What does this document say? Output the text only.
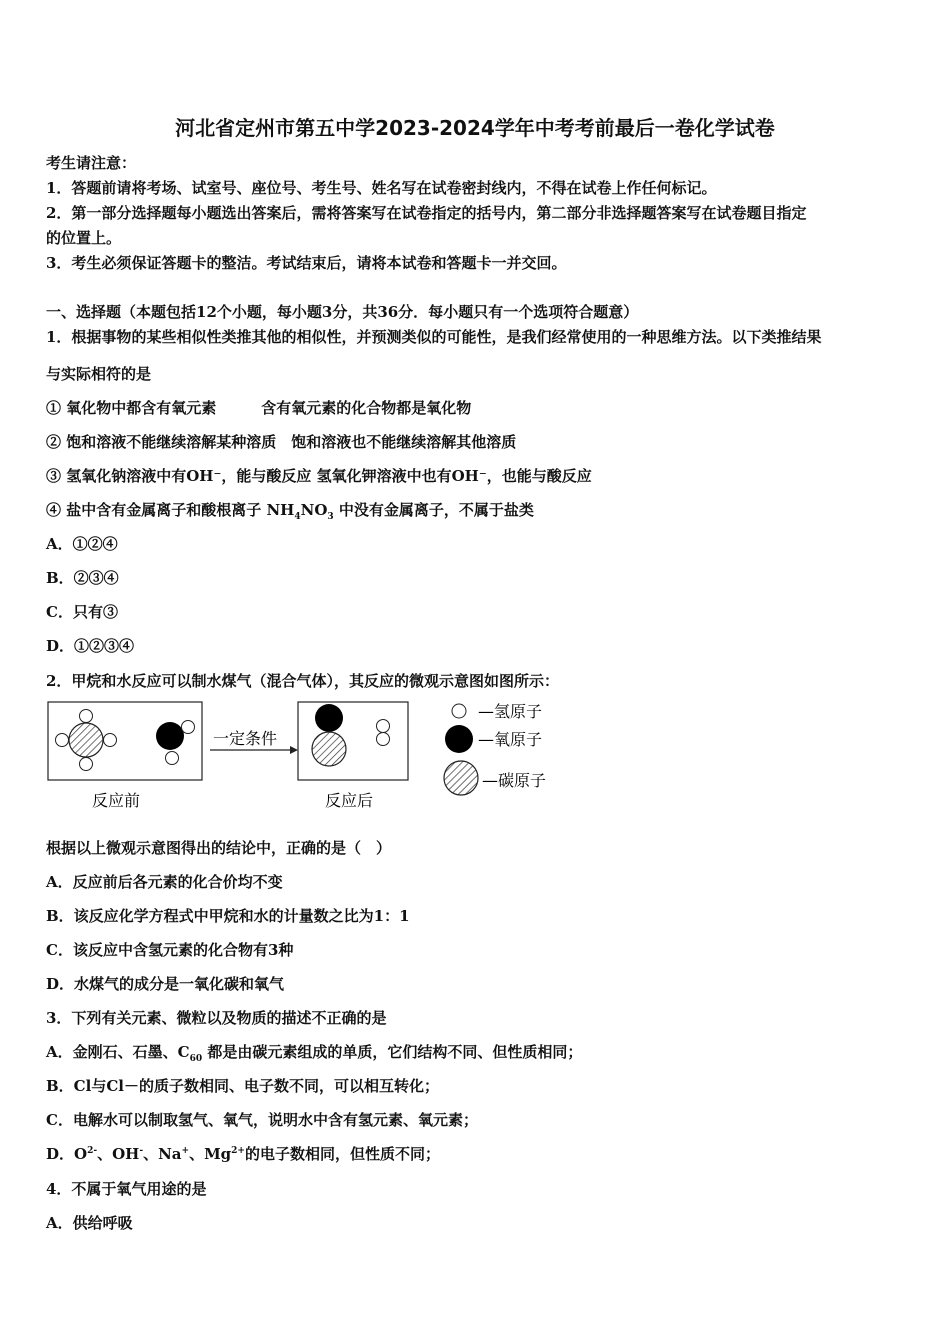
河北省定州市第五中学2023-2024学年中考考前最后一卷化学试卷
考生请注意：
1．答题前请将考场、试室号、座位号、考生号、姓名写在试卷密封线内，不得在试卷上作任何标记。
2．第一部分选择题每小题选出答案后，需将答案写在试卷指定的括号内，第二部分非选择题答案写在试卷题目指定
的位置上。
3．考生必须保证答题卡的整洁。考试结束后，请将本试卷和答题卡一并交回。
一、选择题（本题包括12个小题，每小题3分，共36分．每小题只有一个选项符合题意）
1．根据事物的某些相似性类推其他的相似性，并预测类似的可能性，是我们经常使用的一种思维方法。以下类推结果
与实际相符的是
① 氧化物中都含有氧元素　　　含有氧元素的化合物都是氧化物
② 饱和溶液不能继续溶解某种溶质　饱和溶液也不能继续溶解其他溶质
③ 氢氧化钠溶液中有OH⁻，能与酸反应 氢氧化钾溶液中也有OH⁻，也能与酸反应
④ 盐中含有金属离子和酸根离子 $NH_4NO_3$ 中没有金属离子，不属于盐类
A．①②④
B．②③④
C．只有③
D．①②③④
2．甲烷和水反应可以制水煤气（混合气体），其反应的微观示意图如图所示：
一定条件
反应前	反应后
—氢原子
—氧原子
—碳原子
根据以上微观示意图得出的结论中，正确的是（　）
A．反应前后各元素的化合价均不变
B．该反应化学方程式中甲烷和水的计量数之比为1：1
C．该反应中含氢元素的化合物有3种
D．水煤气的成分是一氧化碳和氧气
3．下列有关元素、微粒以及物质的描述不正确的是
A．金刚石、石墨、$C_{60}$ 都是由碳元素组成的单质，它们结构不同、但性质相同；
B．Cl与Cl－的质子数相同、电子数不同，可以相互转化；
C．电解水可以制取氢气、氧气，说明水中含有氢元素、氧元素；
D．$O^{2-}$、OH-、Na+、$Mg^{2+}$的电子数相同，但性质不同；
4．不属于氧气用途的是
A．供给呼吸
